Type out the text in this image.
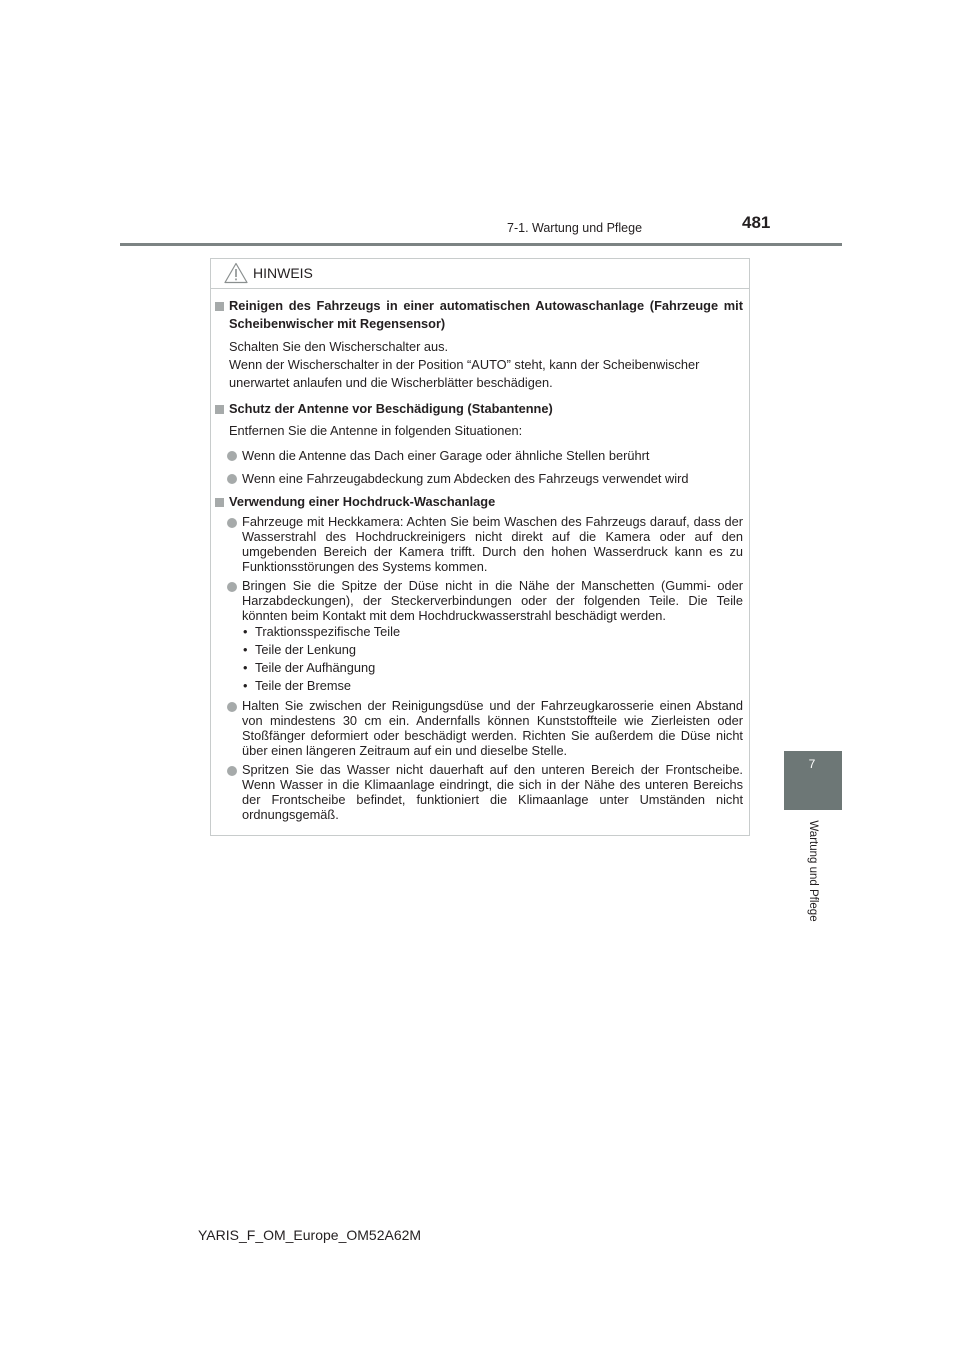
7-1. Wartung und Pflege	481
7
Wartung und Pflege
HINWEIS
Reinigen des Fahrzeugs in einer automatischen Autowaschanlage (Fahrzeuge mit Scheibenwischer mit Regensensor)
Schalten Sie den Wischerschalter aus.
Wenn der Wischerschalter in der Position “AUTO” steht, kann der Scheibenwischer unerwartet anlaufen und die Wischerblätter beschädigen.
Schutz der Antenne vor Beschädigung (Stabantenne)
Entfernen Sie die Antenne in folgenden Situationen:
Wenn die Antenne das Dach einer Garage oder ähnliche Stellen berührt
Wenn eine Fahrzeugabdeckung zum Abdecken des Fahrzeugs verwendet wird
Verwendung einer Hochdruck-Waschanlage
Fahrzeuge mit Heckkamera: Achten Sie beim Waschen des Fahrzeugs darauf, dass der Wasserstrahl des Hochdruckreinigers nicht direkt auf die Kamera oder auf den umgebenden Bereich der Kamera trifft. Durch den hohen Wasserdruck kann es zu Funktionsstörungen des Systems kommen.
Bringen Sie die Spitze der Düse nicht in die Nähe der Manschetten (Gummi- oder Harzabdeckungen), der Steckerverbindungen oder der folgenden Teile. Die Teile könnten beim Kontakt mit dem Hochdruckwasserstrahl beschädigt werden.
• Traktionsspezifische Teile
• Teile der Lenkung
• Teile der Aufhängung
• Teile der Bremse
Halten Sie zwischen der Reinigungsdüse und der Fahrzeugkarosserie einen Abstand von mindestens 30 cm ein. Andernfalls können Kunststoffteile wie Zierleisten oder Stoßfänger deformiert oder beschädigt werden. Richten Sie außerdem die Düse nicht über einen längeren Zeitraum auf ein und dieselbe Stelle.
Spritzen Sie das Wasser nicht dauerhaft auf den unteren Bereich der Frontscheibe. Wenn Wasser in die Klimaanlage eindringt, die sich in der Nähe des unteren Bereichs der Frontscheibe befindet, funktioniert die Klimaanlage unter Umständen nicht ordnungsgemäß.
YARIS_F_OM_Europe_OM52A62M
